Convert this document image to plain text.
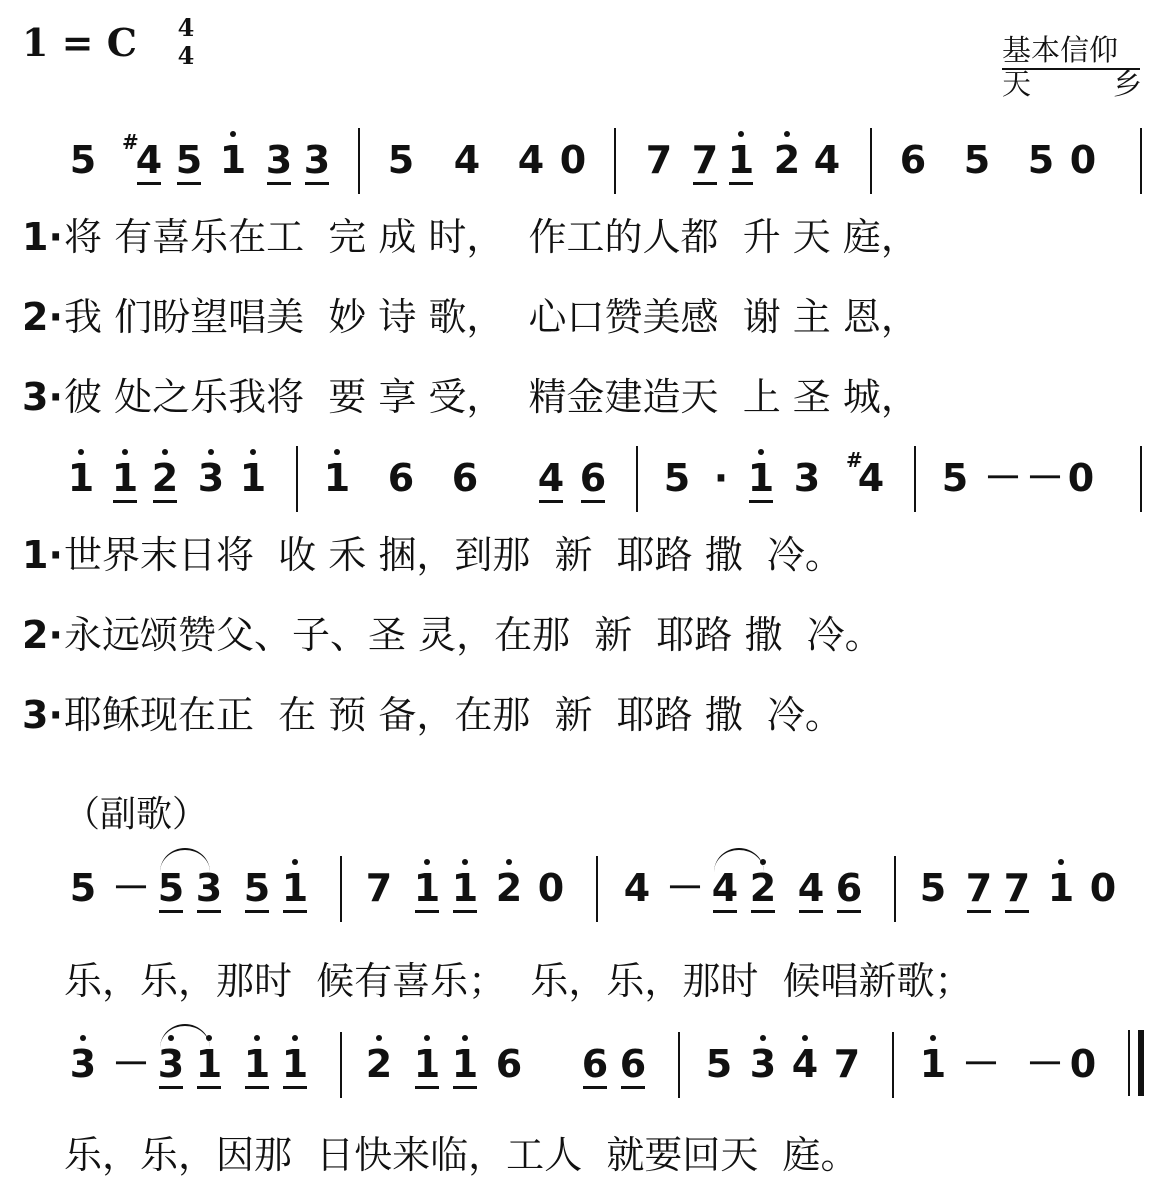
1 = C 4
4	基本信仰
天	乡
5 4
# 5 1 3 3 5 4 4 0 7 7 1 2 4 6 5 5 0
1· 将 有喜乐在工  完 成 时，  作工的人都  升 天 庭，
2· 我 们盼望唱美  妙 诗 歌，  心口赞美感  谢 主 恩，
3· 彼 处之乐我将  要 享 受，  精金建造天  上 圣 城，
1 1 2 3 1 1 6 6 4 6 5 · 1 3 #
4 5 － － 0
1· 世界末日将  收 禾 捆，到那  新  耶路 撒  冷。
2· 永远颂赞父、子、圣 灵，在那  新  耶路 撒  冷。
3· 耶稣现在正  在 预 备，在那  新  耶路 撒  冷。
（副歌）
5 － 5 3 5 1 7 1 1 2 0 4 － 4 2 4 6 5 7 7 1 0
乐，乐，那时  候有喜乐；  乐，乐，那时  候唱新歌；
3 － 3 1 1 1 2 1 1 6 6 6 5 3 4 7 1 － － 0
乐，乐，因那  日快来临，工人  就要回天  庭。
